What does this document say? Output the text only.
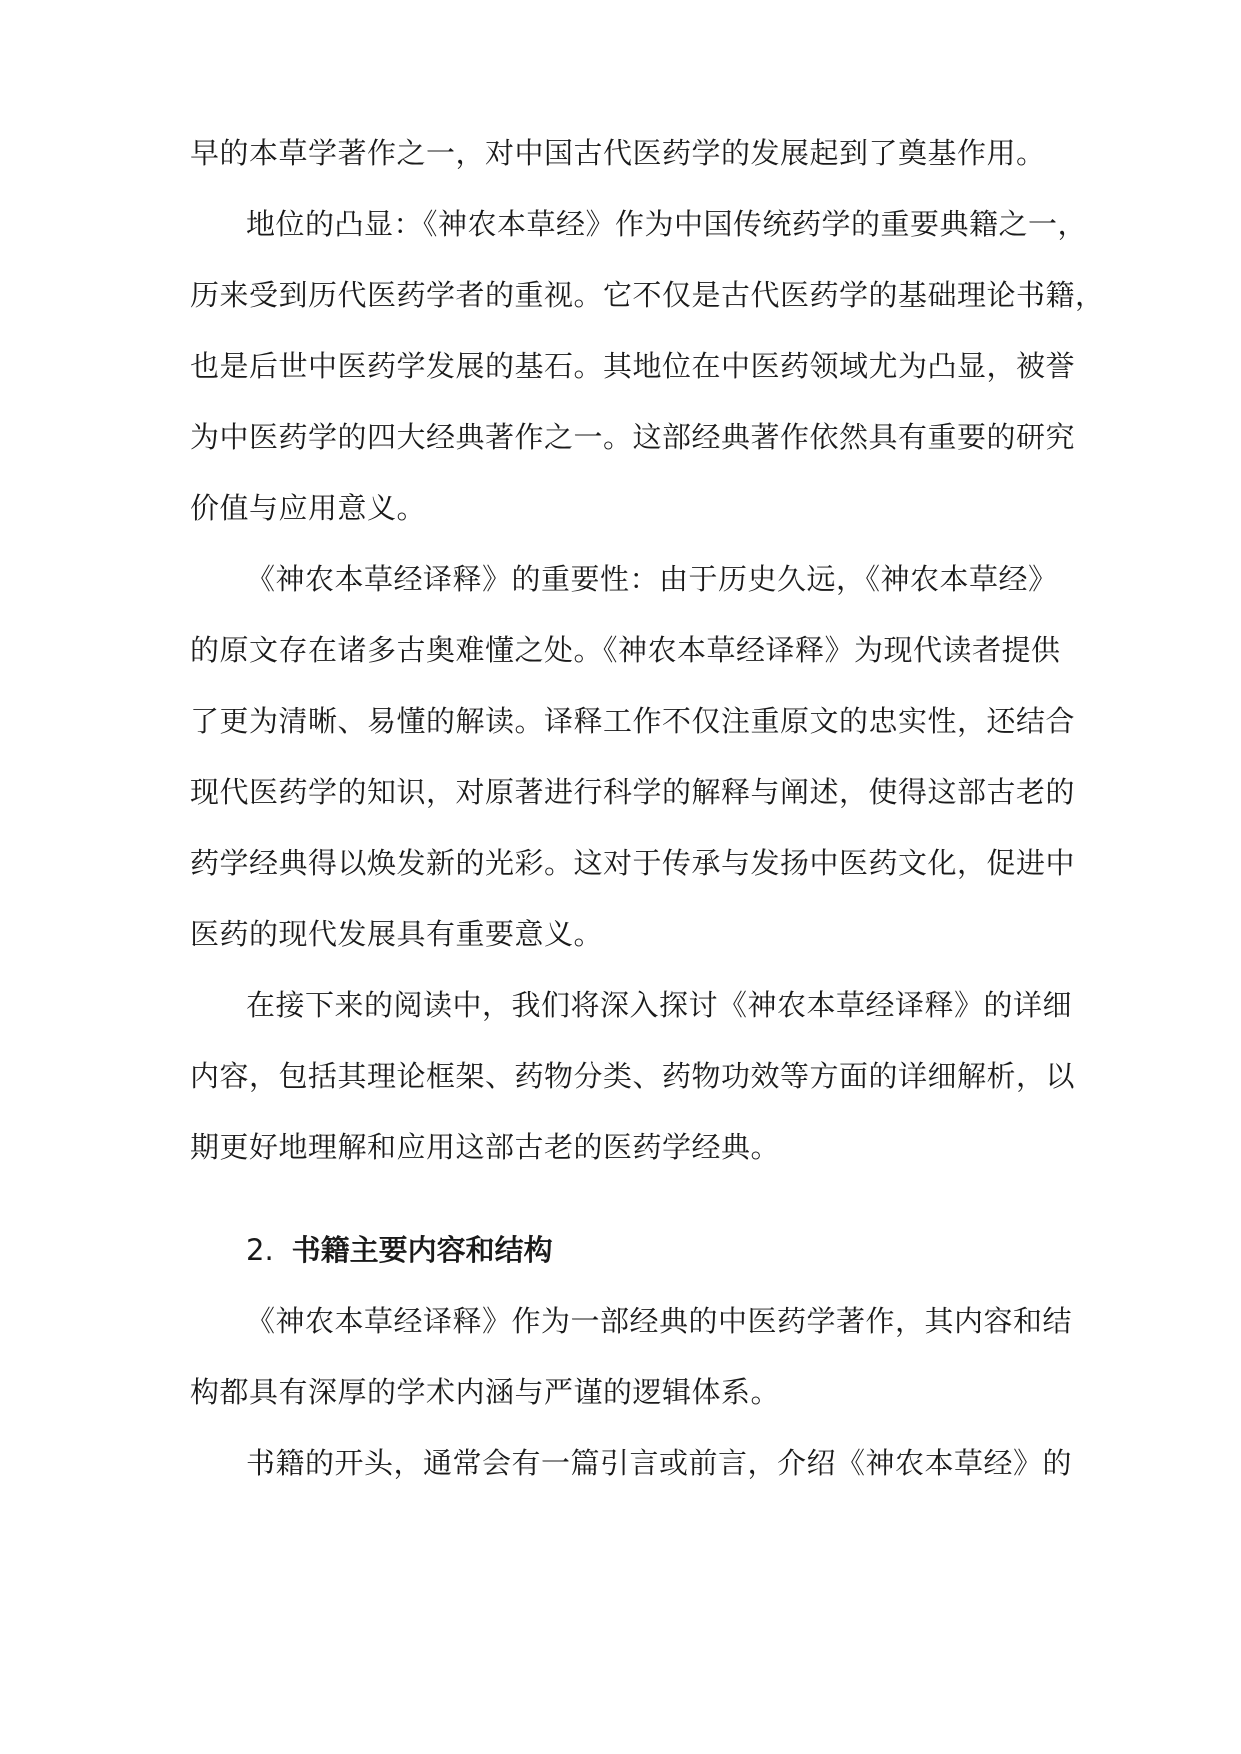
早的本草学著作之一，对中国古代医药学的发展起到了奠基作用。
地位的凸显：《神农本草经》作为中国传统药学的重要典籍之一，
历来受到历代医药学者的重视。它不仅是古代医药学的基础理论书籍，
也是后世中医药学发展的基石。其地位在中医药领域尤为凸显，被誉
为中医药学的四大经典著作之一。这部经典著作依然具有重要的研究
价值与应用意义。
《神农本草经译释》的重要性：由于历史久远，《神农本草经》
的原文存在诸多古奥难懂之处。《神农本草经译释》为现代读者提供
了更为清晰、易懂的解读。译释工作不仅注重原文的忠实性，还结合
现代医药学的知识，对原著进行科学的解释与阐述，使得这部古老的
药学经典得以焕发新的光彩。这对于传承与发扬中医药文化，促进中
医药的现代发展具有重要意义。
在接下来的阅读中，我们将深入探讨《神农本草经译释》的详细
内容，包括其理论框架、药物分类、药物功效等方面的详细解析，以
期更好地理解和应用这部古老的医药学经典。
2. 书籍主要内容和结构
《神农本草经译释》作为一部经典的中医药学著作，其内容和结
构都具有深厚的学术内涵与严谨的逻辑体系。
书籍的开头，通常会有一篇引言或前言，介绍《神农本草经》的
